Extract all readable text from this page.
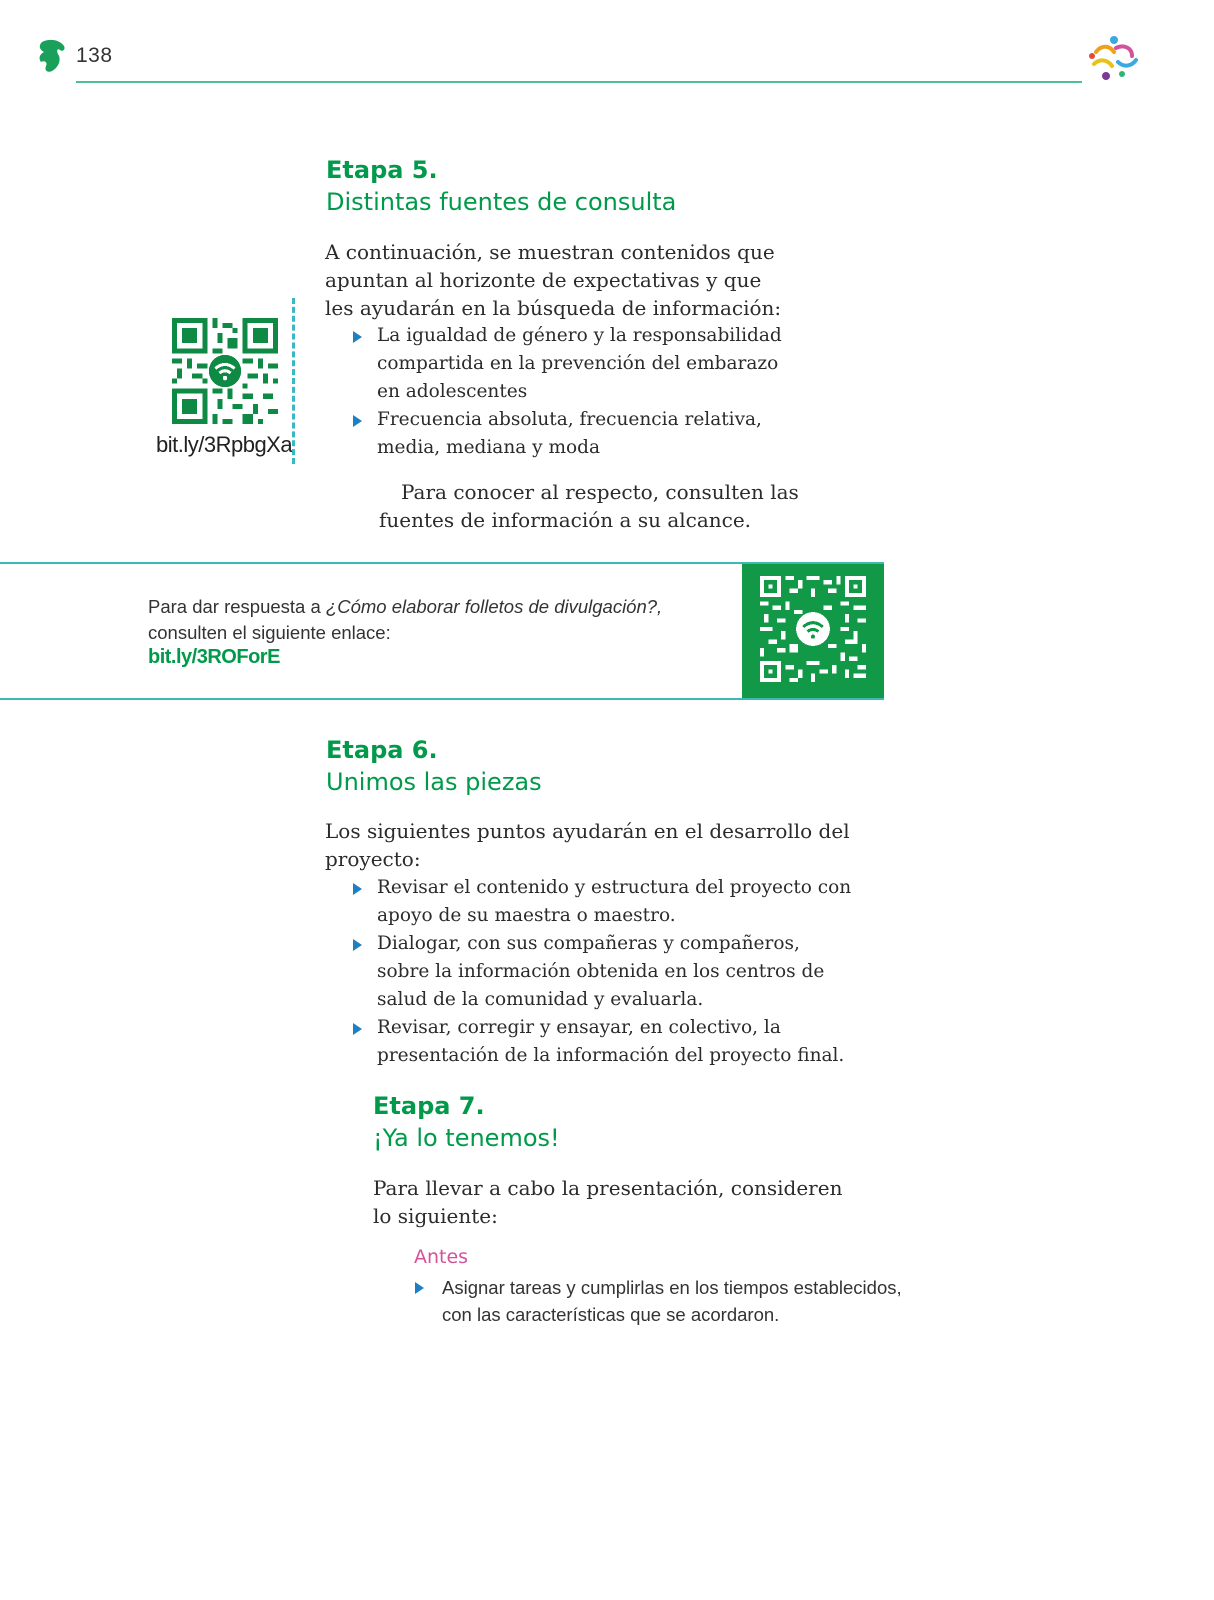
138
Etapa 5.
Distintas fuentes de consulta
A continuación, se muestran contenidos que
apuntan al horizonte de expectativas y que
les ayudarán en la búsqueda de información:
La igualdad de género y la responsabilidad
compartida en la prevención del embarazo
en adolescentes
Frecuencia absoluta, frecuencia relativa,
media, mediana y moda
Para conocer al respecto, consulten las
fuentes de información a su alcance.
bit.ly/3RpbgXa
Para dar respuesta a ¿Cómo elaborar folletos de divulgación?,
consulten el siguiente enlace:
bit.ly/3ROForE
Etapa 6.
Unimos las piezas
Los siguientes puntos ayudarán en el desarrollo del
proyecto:
Revisar el contenido y estructura del proyecto con
apoyo de su maestra o maestro.
Dialogar, con sus compañeras y compañeros,
sobre la información obtenida en los centros de
salud de la comunidad y evaluarla.
Revisar, corregir y ensayar, en colectivo, la
presentación de la información del proyecto final.
Etapa 7.
¡Ya lo tenemos!
Para llevar a cabo la presentación, consideren
lo siguiente:
Antes
Asignar tareas y cumplirlas en los tiempos establecidos,
con las características que se acordaron.
